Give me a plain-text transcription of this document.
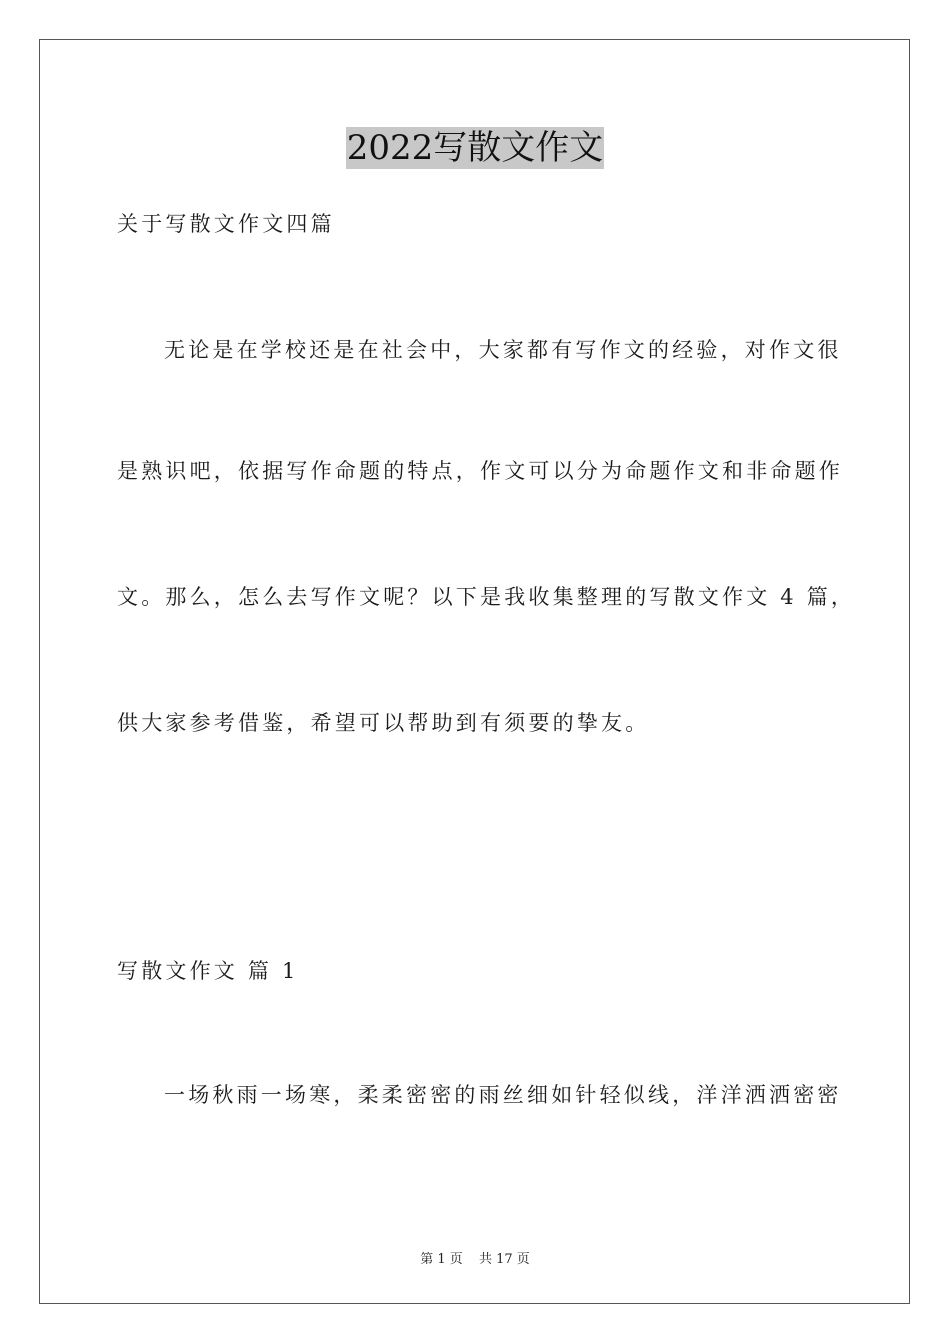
2022写散文作文
关于写散文作文四篇
无论是在学校还是在社会中，大家都有写作文的经验，对作文很
是熟识吧，依据写作命题的特点，作文可以分为命题作文和非命题作
文。那么，怎么去写作文呢？以下是我收集整理的写散文作文 4 篇，
供大家参考借鉴，希望可以帮助到有须要的挚友。
写散文作文 篇 1
一场秋雨一场寒，柔柔密密的雨丝细如针轻似线，洋洋洒洒密密
第 1 页 共 17 页
